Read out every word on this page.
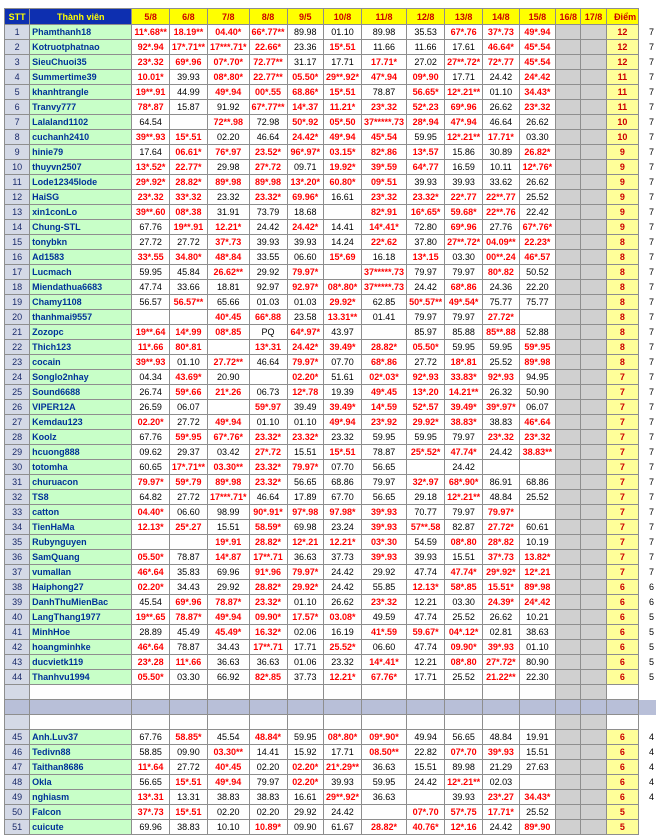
STT	Thành viên	5/8	6/8	7/8	8/8	9/5	10/8	11/8	12/8	13/8	14/8	15/8	16/8	17/8	Điểm	
1	Phamthanh18	11*.68**	18.19**	04.40*	66*.77**	89.98	01.10	89.98	35.53	67*.76	37*.73	49*.94			12	7
2	Kotruotphatnao	92*.94	17*.71**	17***.71*	22.66*	23.36	15*.51	11.66	11.66	17.61	46.64*	45*.54			12	7
3	SieuChuoi35	23*.32	69*.96	07*.70*	72.77**	31.17	17.71	17.71*	27.02	27**.72*	72*.77	45*.54			12	7
4	Summertime39	10.01*	39.93	08*.80*	22.77**	05.50*	29**.92*	47*.94	09*.90	17.71	24.42	24*.42			11	7
5	khanhtrangle	19**.91	44.99	49*.94	00*.55	68.86*	15*.51	78.87	56.65*	12*.21**	01.10	34.43*			11	7
6	Tranvy777	78*.87	15.87	91.92	67*.77**	14*.37	11.21*	23*.32	52*.23	69*.96	26.62	23*.32			11	7
7	Lalaland1102	64.54		72**.98	72.98	50*.92	05*.50	37*****.73	28*.94	47*.94	46.64	26.62			10	7
8	cuchanh2410	39**.93	15*.51	02.20	46.64	24.42*	49*.94	45*.54	59.95	12*.21**	17.71*	03.30			10	7
9	hinie79	17.64	06.61*	76*.97	23.52*	96*.97*	03.15*	82*.86	13*.57	15.86	30.89	26.82*			9	7
10	thuyvn2507	13*.52*	22.77*	29.98	27*.72	09.71	19.92*	39*.59	64*.77	16.59	10.11	12*.76*			9	7
11	Lode12345lode	29*.92*	28.82*	89*.98	89*.98	13*.20*	60.80*	09*.51	39.93	39.93	33.62	26.62			9	7
12	HaiSG	23*.32	33*.32	23.32	23.32*	69.96*	16.61	23*.32	23.32*	22*.77	22**.77	25.52			9	7
13	xin1conLo	39**.60	08*.38	31.91	73.79	18.68		82*.91	16*.65*	59.68*	22**.76	22.42			9	7
14	Chung-STL	67.76	19**.91	12.21*	24.42	24.42*	14.41	14*.41*	72.80	69*.96	27.76	67*.76*			9	7
15	tonybkn	27.72	27.72	37*.73	39.93	39.93	14.24	22*.62	37.80	27**.72*	04.09**	22.23*			8	7
16	Ad1583	33*.55	34.80*	48*.84	33.55	06.60	15*.69	16.18	13*.15	03.30	00**.24	46*.57			8	7
17	Lucmach	59.95	45.84	26.62**	29.92	79.97*		37*****.73	79.97	79.97	80*.82	50.52			8	7
18	Miendathua6683	47.74	33.66	18.81	92.97	92.97*	08*.80*	37*****.73	24.42	68*.86	24.36	22.20			8	7
19	Chamy1108	56.57	56.57**	65.66	01.03	01.03	29.92*	62.85	50*.57**	49*.54*	75.77	75.77			8	7
20	thanhmai9557			40*.45	66*.88	23.58	13.31**	01.41	79.97	79.97	27.72*				8	7
21	Zozopc	19**.64	14*.99	08*.85	PQ	64*.97*	43.97		85.97	85.88	85**.88	52.88			8	7
22	Thich123	11*.66	80*.81		13*.31	24.42*	39.49*	28.82*	05.50*	59.95	59.95	59*.95			8	7
23	cocain	39**.93	01.10	27.72**	46.64	79.97*	07.70	68*.86	27.72	18*.81	25.52	89*.98			8	7
24	Songlo2nhay	04.34	43.69*	20.90		02.20*	51.61	02*.03*	92*.93	33.83*	92*.93	94.95			7	7
25	Sound6688	26.74	59*.66	21*.26	06.73	12*.78	19.39	49*.45	13*.20	14.21**	26.32	50.90			7	7
26	VIPER12A	26.59	06.07		59*.97	39.49	39.49*	14*.59	52*.57	39.49*	39*.97*	06.07			7	7
27	Kemdau123	02.20*	27.72	49*.94	01.10	01.10	49*.94	23*.92	29.92*	38.83*	38.83	46*.64			7	7
28	Koolz	67.76	59*.95	67*.76*	23.32*	23.32*	23.32	59.95	59.95	79.97	23*.32	23*.32			7	7
29	hcuong888	09.62	29.37	03.42	27*.72	15.51	15*.51	78.87	25*.52*	47.74*	24.42	38.83**			7	7
30	totomha	60.65	17*.71**	03.30**	23.32*	79.97*	07.70	56.65		24.42					7	7
31	churuacon	79.97*	59*.79	89*.98	23.32*	56.65	68.86	79.97	32*.97	68*.90*	86.91	68.86			7	7
32	TS8	64.82	27.72	17***.71*	46.64	17.89	67.70	56.65	29.18	12*.21**	48.84	25.52			7	7
33	catton	04.40*	06.60	98.99	90*.91*	97*.98	97.98*	39*.93	70.77	79.97	79.97*				7	7
34	TienHaMa	12.13*	25*.27	15.51	58.59*	69.98	23.24	39*.93	57**.58	82.87	27.72*	60.61			7	7
35	Rubynguyen			19*.91	28.82*	12*.21	12.21*	03*.30	54.59	08*.80	28*.82	10.19			7	7
36	SamQuang	05.50*	78.87	14*.87	17**.71	36.63	37.73	39*.93	39.93	15.51	37*.73	13.82*			7	7
37	vumallan	46*.64	35.83	69.96	91*.96	79.97*	24.42	29.92	47.74	47.74*	29*.92*	12*.21			7	7
38	Haiphong27	02.20*	34.43	29.92	28.82*	29.92*	24.42	55.85	12.13*	58*.85	15.51*	89*.98			6	6
39	DanhThuMienBac	45.54	69*.96	78.87*	23.32*	01.10	26.62	23*.32	12.21	03.30	24.39*	24*.42			6	6
40	LangThang1977	19**.65	78.87*	49*.94	09.90*	17.57*	03.08*	49.59	47.74	25.52	26.62	10.21			6	5
41	MinhHoe	28.89	45.49	45.49*	16.32*	02.06	16.19	41*.59	59.67*	04*.12*	02.81	38.63			6	5
42	hoangminhke	46*.64	78.87	34.43	17**.71	17.71	25.52*	06.60	47.74	09.90*	39*.93	01.10			6	5
43	ducvietk119	23*.28	11*.66	36.63	36.63	01.06	23.32	14*.41*	12.21	08*.80	27*.72*	80.90			6	5
44	Thanhvu1994	05.50*	03.30	66.92	82*.85	37.73	12.21*	67.76*	17.71	25.52	21.22**	22.30			6	5

45	Anh.Luv37	67.76	58.85*	45.54	48.84*	59.95	08*.80*	09*.90*	49.94	56.65	48.84	19.91			6	4
46	Tedivn88	58.85	09.90	03.30**	14.41	15.92	17.71	08.50**	22.82	07*.70	39*.93	15.51			6	4
47	Taithan8686	11*.64	27.72	40*.45	02.20	02.20*	21*.29**	36.63	15.51	89.98	21.29	27.63			6	4
48	Okla	56.65	15*.51	49*.94	79.97	02.20*	39.93	59.95	24.42	12*.21**	02.03				6	4
49	nghiasm	13*.31	13.31	38.83	38.83	16.61	29**.92*	36.63		39.93	23*.27	34.43*			6	4
50	Falcon	37*.73	15*.51	02.20	02.20	29.92	24.42		07*.70	57*.75	17.71*	25.52			5	
51	cuicute	69.96	38.83	10.10	10.89*	09.90	61.67	28.82*	40.76*	12*.16	24.42	89*.90			5	
